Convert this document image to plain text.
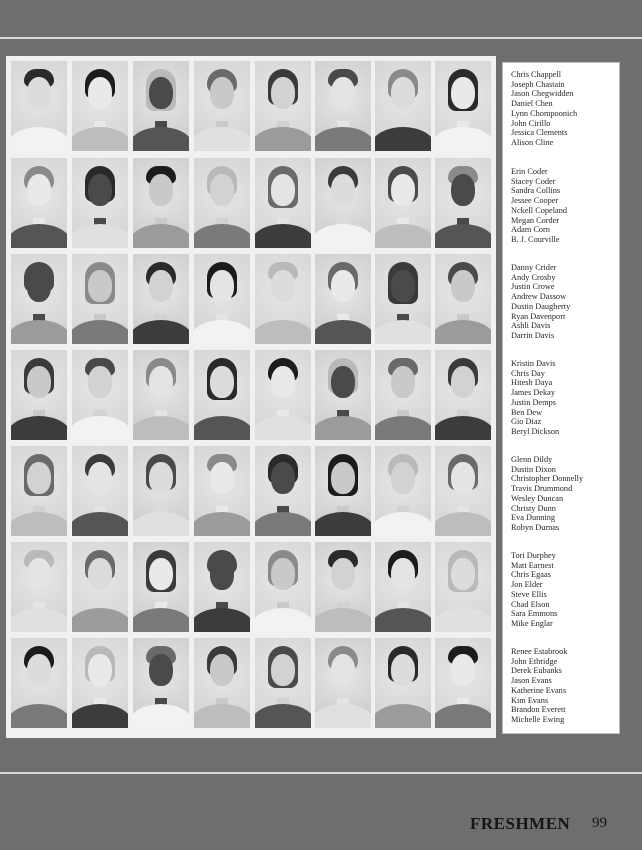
Chris Chappell
Joseph Chastain
Jason Chegwidden
Daniel Chen
Lynn Chompoonich
John Cirillo
Jessica Clements
Alison Cline
Erin Coder
Stacey Coder
Sandra Collins
Jessee Cooper
Nckell Copeland
Megan Corder
Adam Corn
B. J. Courville
Danny Crider
Andy Crosby
Justin Crowe
Andrew Dassow
Dustin Daugherty
Ryan Davenport
Ashli Davis
Darrin Davis
Kristin Davis
Chris Day
Hitesh Daya
James Dekay
Justin Demps
Ben Dew
Gio Diaz
Beryl Dickson
Glenn Dildy
Dustin Dixon
Christopher Donnelly
Travis Drummond
Wesley Duncan
Christy Dunn
Eva Dunning
Robyn Durnas
Tori Durphey
Matt Earnest
Chris Egaas
Jon Elder
Steve Ellis
Chad Elson
Sara Emmons
Mike Englar
Renee Estabrook
John Ethridge
Derek Eubanks
Jason Evans
Katherine Evans
Kim Evans
Brandon Everett
Michelle Ewing
FRESHMEN 99
